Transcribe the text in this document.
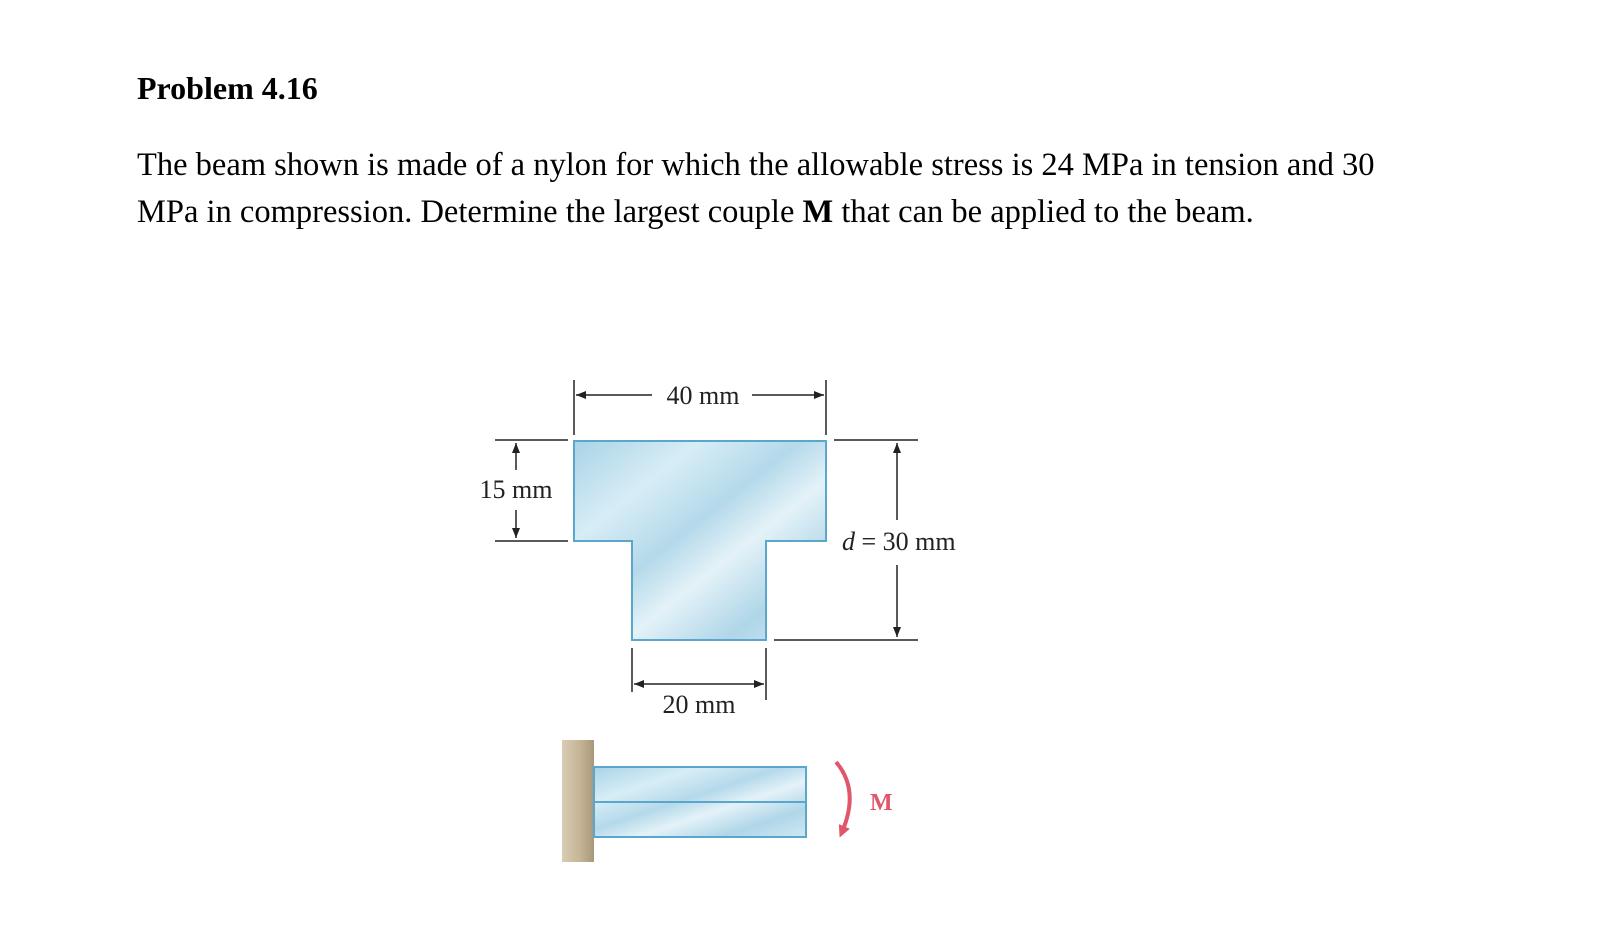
Problem 4.16

The beam shown is made of a nylon for which the allowable stress is 24 MPa in tension and 30 MPa in compression. Determine the largest couple M that can be applied to the beam.

40 mm
15 mm
d = 30 mm
20 mm
M
